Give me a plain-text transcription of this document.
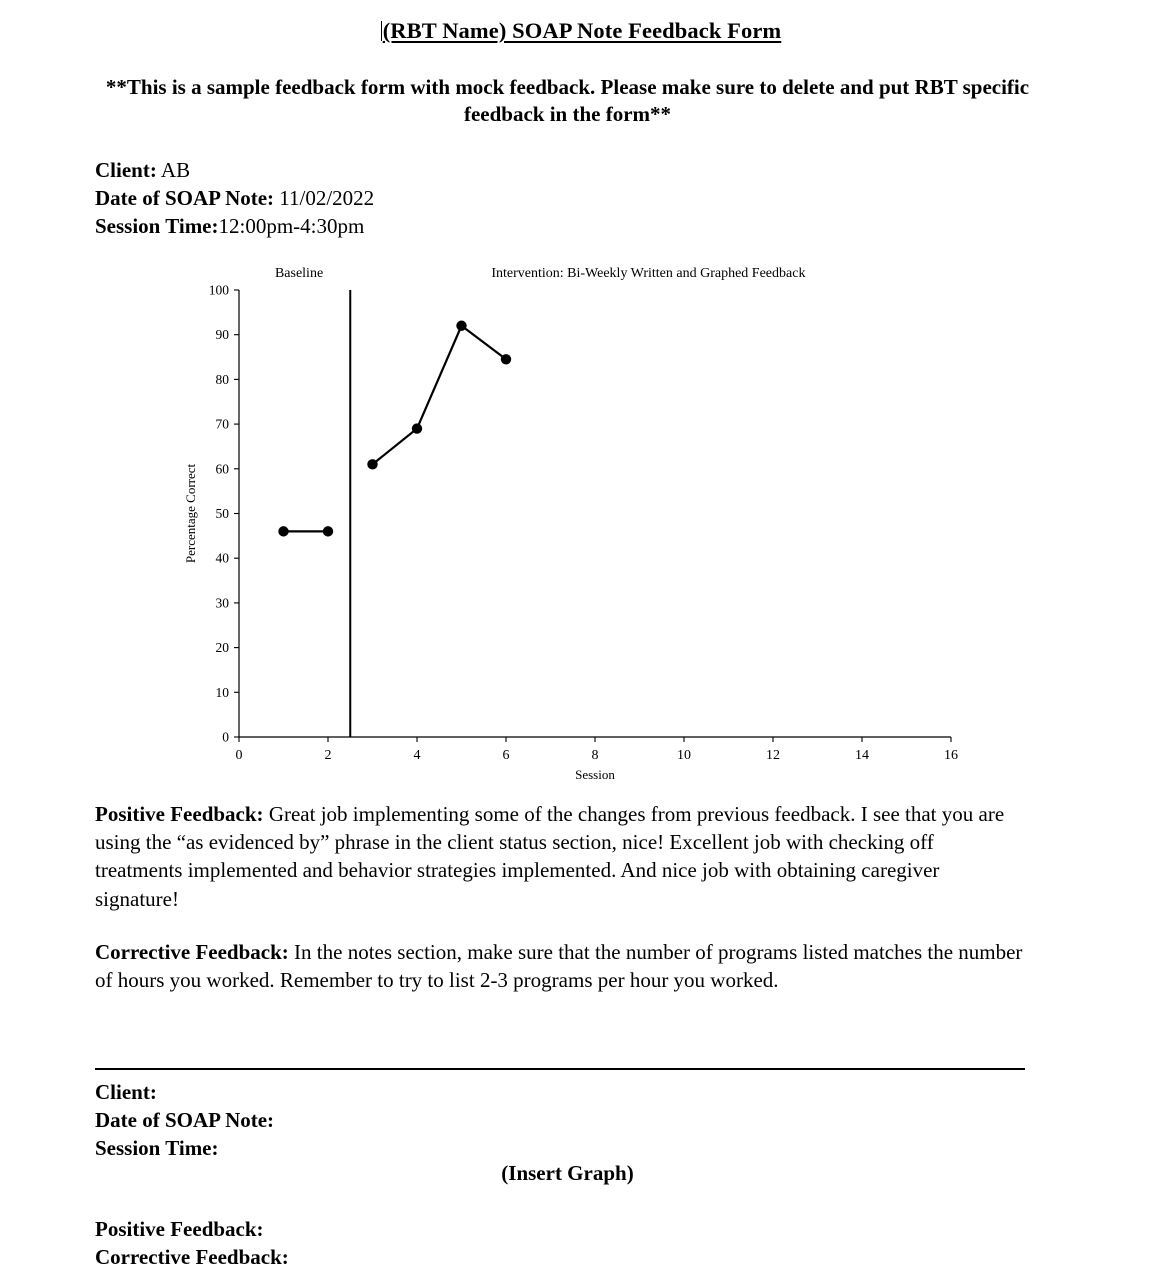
(RBT Name) SOAP Note Feedback Form
**This is a sample feedback form with mock feedback. Please make sure to delete and put RBT specific feedback in the form**
Client: AB
Date of SOAP Note: 11/02/2022
Session Time:12:00pm-4:30pm
0
10
20
30
40
50
60
70
80
90
100
0	2	4	6	8	10	12	14	16
Session
Percentage Correct
Baseline	Intervention: Bi-Weekly Written and Graphed Feedback
Positive Feedback: Great job implementing some of the changes from previous feedback. I see that you are using the “as evidenced by” phrase in the client status section, nice! Excellent job with checking off treatments implemented and behavior strategies implemented. And nice job with obtaining caregiver signature!
Corrective Feedback: In the notes section, make sure that the number of programs listed matches the number of hours you worked. Remember to try to list 2-3 programs per hour you worked.
Client:
Date of SOAP Note:
Session Time:
(Insert Graph)
Positive Feedback:
Corrective Feedback:
